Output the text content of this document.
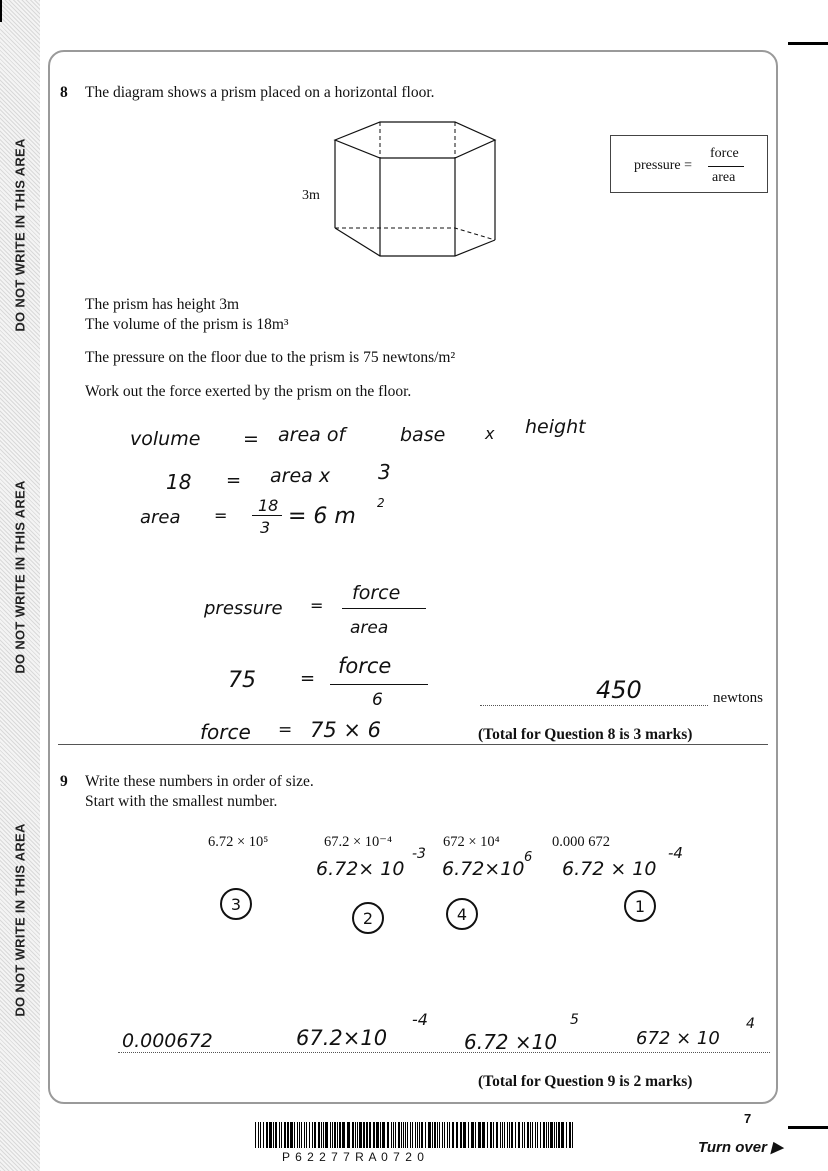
DO NOT WRITE IN THIS AREA
DO NOT WRITE IN THIS AREA
DO NOT WRITE IN THIS AREA
8 The diagram shows a prism placed on a horizontal floor.
3m
pressure =
force
area
The prism has height 3m
The volume of the prism is 18m³
The pressure on the floor due to the prism is 75 newtons/m²
Work out the force exerted by the prism on the floor.
volume = area of	base x height
18 = area x 3
area =
18
3 = 6 m
2
pressure =
force
area
75 =
force
6
force = 75 × 6
450	newtons
(Total for Question 8 is 3 marks)
9 Write these numbers in order of size.
Start with the smallest number.
6.72 × 10⁵	67.2 × 10⁻⁴	672 × 10⁴	0.000 672
6.72× 10
-3
6.72×10
6
6.72 × 10
-4
3
2	4	1
0.000672	67.2×10
-4
6.72 ×10
5
672 × 10
4
(Total for Question 9 is 2 marks)
7
Turn over ▶
P 6 2 2 7 7 R A 0 7 2 0
